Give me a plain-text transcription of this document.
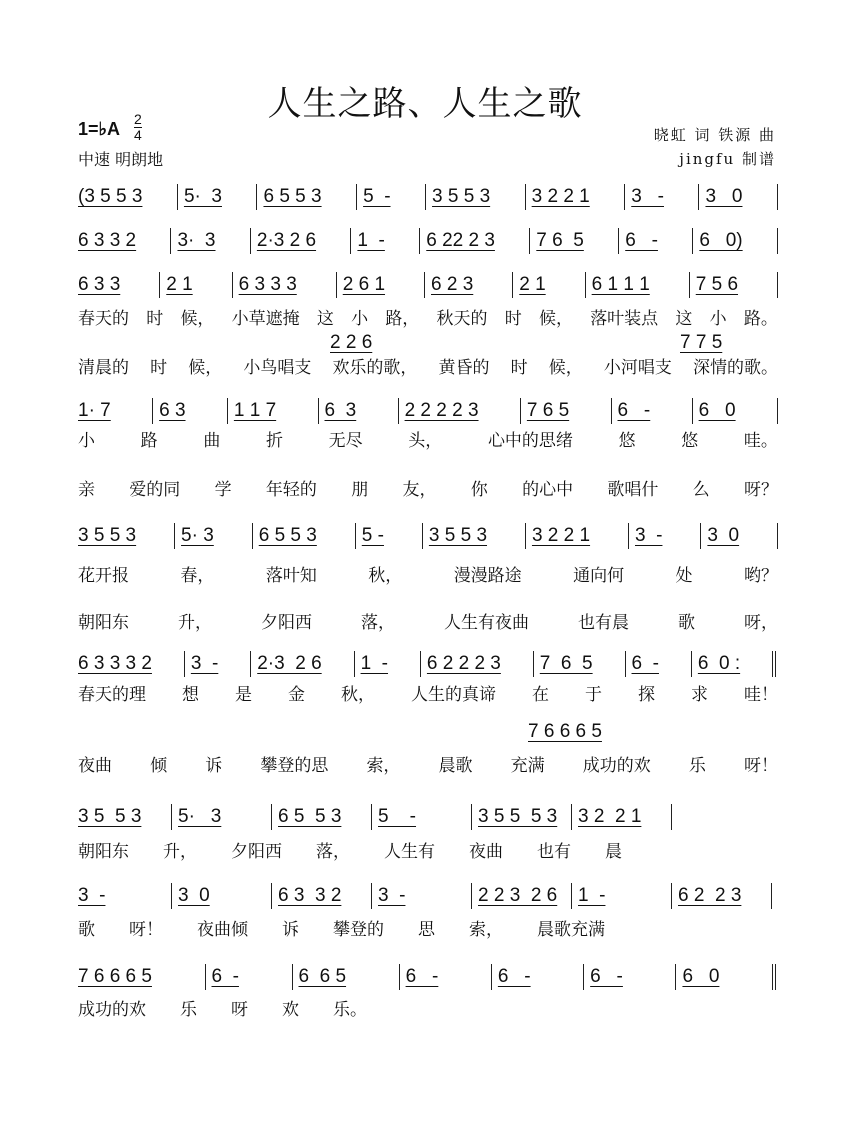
人生之路、人生之歌
1=♭A 2
4
中速 明朗地
晓虹 词 铁源 曲
jingfu 制谱
(3 5 5 3	5·  3	6 5 5 3	5  -	3 5 5 3	3 2 2 1	3   -	3   0
6 3 3 2	3·  3	2·3 2 6	1  -	6 22 2 3	7 6  5	6   -	6   0)
6 3 3	2 1	6 3 3 3	2 6 1	6 2 3	2 1	6 1 1 1	7 5 6
1· 7	6 3	1 1 7	6  3	2 2 2 2 3	7 6 5	6   -	6   0
3 5 5 3	5· 3	6 5 5 3	5 -	3 5 5 3	3 2 2 1	3  -	3  0
6 3 3 3 2	3  -	2·3  2 6	1  -	6 2 2 2 3	7  6  5	6  -	6  0 :
3 5  5 3	5·   3	6 5  5 3	5    -	3 5 5  5 3	3 2  2 1
3  -	3  0	6 3  3 2	3  -	2 2 3  2 6	1  -	6 2  2 3
7 6 6 6 5	6  -	6  6 5	6   -	6   -	6   -	6   0
春天的 时 候， 小草遮掩 这 小 路， 秋天的 时 候， 落叶装点 这 小 路。
清晨的 时 候， 小鸟唱支 欢乐的歌， 黄昏的 时 候， 小河唱支 深情的歌。
小	路	曲	折	无尽	头，	心中的思绪	悠	悠	哇。
亲 爱的同 学 年轻的 朋 友， 你 的心中 歌唱什 么 呀？
花开报	春，	落叶知	秋，	漫漫路途	通向何	处	哟？
朝阳东	升，	夕阳西	落，	人生有夜曲	也有晨	歌	呀，
春天的理 想 是 金 秋， 人生的真谛 在 于 探 求 哇！
夜曲 倾 诉 攀登的思 索， 晨歌 充满 成功的欢 乐 呀！
朝阳东 升， 夕阳西 落， 人生有 夜曲 也有 晨
歌 呀！ 夜曲倾 诉 攀登的 思 索， 晨歌充满
成功的欢 乐 呀 欢 乐。
2 2 6	7 7 5
7 6 6 6 5
